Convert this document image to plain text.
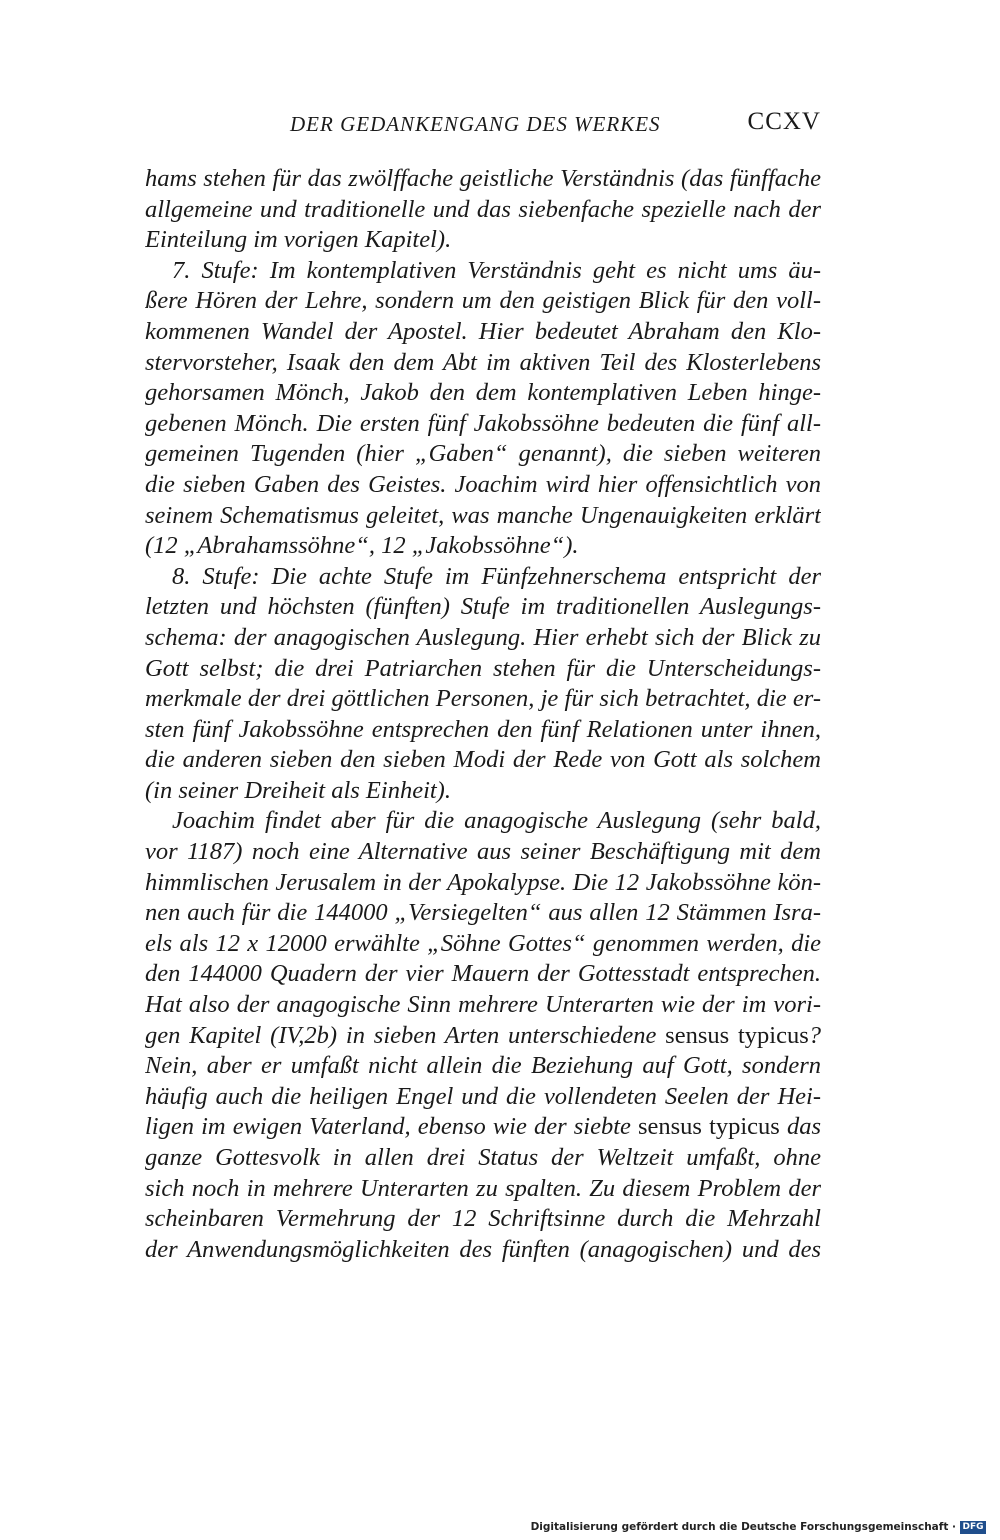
DER GEDANKENGANG DES WERKES	CCXV
hams stehen für das zwölffache geistliche Verständnis (das fünffache
allgemeine und traditionelle und das siebenfache spezielle nach der
Einteilung im vorigen Kapitel).
7. Stufe: Im kontemplativen Verständnis geht es nicht ums äu-
ßere Hören der Lehre, sondern um den geistigen Blick für den voll-
kommenen Wandel der Apostel. Hier bedeutet Abraham den Klo-
stervorsteher, Isaak den dem Abt im aktiven Teil des Klosterlebens
gehorsamen Mönch, Jakob den dem kontemplativen Leben hinge-
gebenen Mönch. Die ersten fünf Jakobssöhne bedeuten die fünf all-
gemeinen Tugenden (hier „Gaben“ genannt), die sieben weiteren
die sieben Gaben des Geistes. Joachim wird hier offensichtlich von
seinem Schematismus geleitet, was manche Ungenauigkeiten erklärt
(12 „Abrahamssöhne“, 12 „Jakobssöhne“).
8. Stufe: Die achte Stufe im Fünfzehnerschema entspricht der
letzten und höchsten (fünften) Stufe im traditionellen Auslegungs-
schema: der anagogischen Auslegung. Hier erhebt sich der Blick zu
Gott selbst; die drei Patriarchen stehen für die Unterscheidungs-
merkmale der drei göttlichen Personen, je für sich betrachtet, die er-
sten fünf Jakobssöhne entsprechen den fünf Relationen unter ihnen,
die anderen sieben den sieben Modi der Rede von Gott als solchem
(in seiner Dreiheit als Einheit).
Joachim findet aber für die anagogische Auslegung (sehr bald,
vor 1187) noch eine Alternative aus seiner Beschäftigung mit dem
himmlischen Jerusalem in der Apokalypse. Die 12 Jakobssöhne kön-
nen auch für die 144000 „Versiegelten“ aus allen 12 Stämmen Isra-
els als 12 x 12000 erwählte „Söhne Gottes“ genommen werden, die
den 144000 Quadern der vier Mauern der Gottesstadt entsprechen.
Hat also der anagogische Sinn mehrere Unterarten wie der im vori-
gen Kapitel (IV,2b) in sieben Arten unterschiedene sensus typicus?
Nein, aber er umfaßt nicht allein die Beziehung auf Gott, sondern
häufig auch die heiligen Engel und die vollendeten Seelen der Hei-
ligen im ewigen Vaterland, ebenso wie der siebte sensus typicus das
ganze Gottesvolk in allen drei Status der Weltzeit umfaßt, ohne
sich noch in mehrere Unterarten zu spalten. Zu diesem Problem der
scheinbaren Vermehrung der 12 Schriftsinne durch die Mehrzahl
der Anwendungsmöglichkeiten des fünften (anagogischen) und des
Digitalisierung gefördert durch die Deutsche Forschungsgemeinschaft · DFG
